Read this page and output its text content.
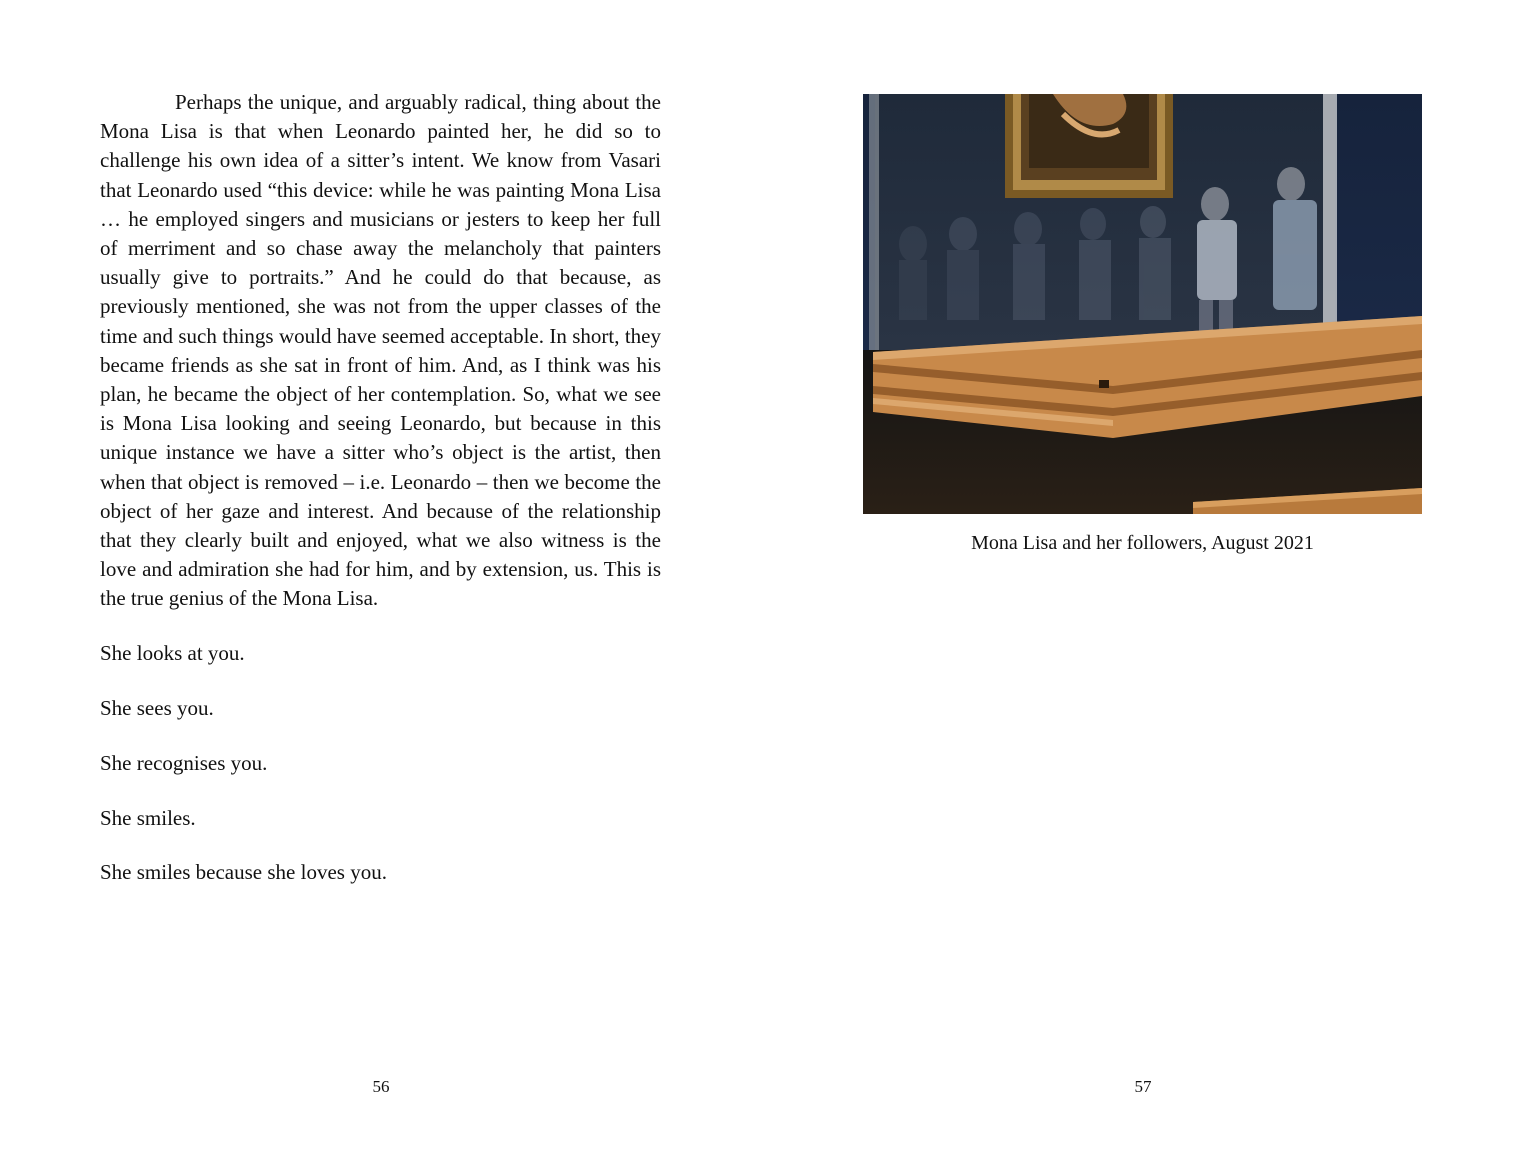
Perhaps the unique, and arguably radical, thing about the Mona Lisa is that when Leonardo painted her, he did so to challenge his own idea of a sitter’s intent. We know from Vasari that Leonardo used “this device: while he was painting Mona Lisa … he employed singers and musicians or jesters to keep her full of merriment and so chase away the melancholy that painters usually give to portraits.” And he could do that because, as previously mentioned, she was not from the upper classes of the time and such things would have seemed acceptable. In short, they became friends as she sat in front of him. And, as I think was his plan, he became the object of her contemplation. So, what we see is Mona Lisa looking and seeing Leonardo, but because in this unique instance we have a sitter who’s object is the artist, then when that object is removed – i.e. Leonardo – then we become the object of her gaze and interest. And because of the relationship that they clearly built and enjoyed, what we also witness is the love and admiration she had for him, and by extension, us. This is the true genius of the Mona Lisa.

She looks at you.

She sees you.

She recognises you.

She smiles.

She smiles because she loves you.

56
Mona Lisa and her followers, August 2021
57
